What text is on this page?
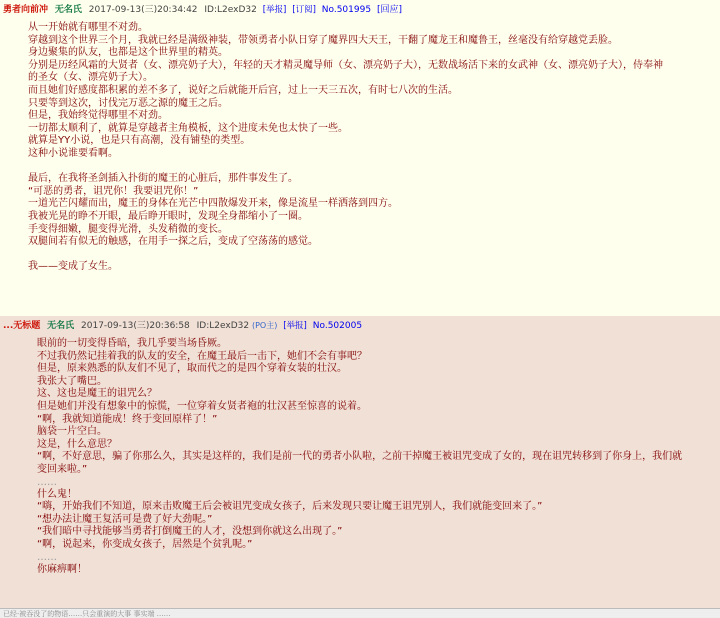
勇者向前冲 无名氏 2017-09-13(三)20:34:42 ID:L2exD32 [举报] [订阅] No.501995 [回应]
从一开始就有哪里不对劲。
穿越到这个世界三个月，我就已经是满级神装，带领勇者小队日穿了魔界四大天王，干翻了魔龙王和魔鲁王，丝毫没有给穿越党丢脸。
身边聚集的队友，也都是这个世界里的精英。
分别是历经风霜的大贤者（女、漂亮奶子大），年轻的天才精灵魔导师（女、漂亮奶子大），无数战场活下来的女武神（女、漂亮奶子大），侍奉神
的圣女（女、漂亮奶子大）。
而且她们好感度都积累的差不多了，说好之后就能开后宫，过上一天三五次，有时七八次的生活。
只要等到这次，讨伐完万恶之源的魔王之后。
但是，我始终觉得哪里不对劲。
一切都太顺利了，就算是穿越者主角模板，这个进度未免也太快了一些。
就算是YY小说，也是只有高潮，没有铺垫的类型。
这种小说谁要看啊。
最后，在我将圣剑插入扑街的魔王的心脏后，那件事发生了。
“可恶的勇者，诅咒你！我要诅咒你！”
一道光芒闪耀而出，魔王的身体在光芒中四散爆发开来，像是流星一样洒落到四方。
我被光晃的睁不开眼，最后睁开眼时，发现全身都缩小了一圈。
手变得细嫩，腿变得光滑，头发稍微的变长。
双腿间若有似无的触感，在用手一探之后，变成了空荡荡的感觉。
我——变成了女生。
...无标题 无名氏 2017-09-13(三)20:36:58 ID:L2exD32 (PO主) [举报] No.502005
眼前的一切变得昏暗，我几乎要当场昏厥。
不过我仍然记挂着我的队友的安全，在魔王最后一击下，她们不会有事吧？
但是，原来熟悉的队友们不见了，取而代之的是四个穿着女装的壮汉。
我张大了嘴巴。
这、这也是魔王的诅咒么？
但是她们并没有想象中的惊慌，一位穿着女贤者袍的壮汉甚至惊喜的说着。
“啊，我就知道能成！终于变回原样了！”
脑袋一片空白。
这是，什么意思？
“啊，不好意思，骗了你那么久，其实是这样的，我们是前一代的勇者小队啦，之前干掉魔王被诅咒变成了女的，现在诅咒转移到了你身上，我们就
变回来啦。”
……
什么鬼！
“嗨，开始我们不知道，原来击败魔王后会被诅咒变成女孩子，后来发现只要让魔王诅咒别人，我们就能变回来了。”
“想办法让魔王复活可是费了好大劲呢。”
“我们暗中寻找能够当勇者打倒魔王的人才，没想到你就这么出现了。”
“啊，说起来，你变成女孩子，居然是个贫乳呢。”
……
你麻痹啊！
已经·被吞没了的物语……只会重演的大事 事实端 ……
